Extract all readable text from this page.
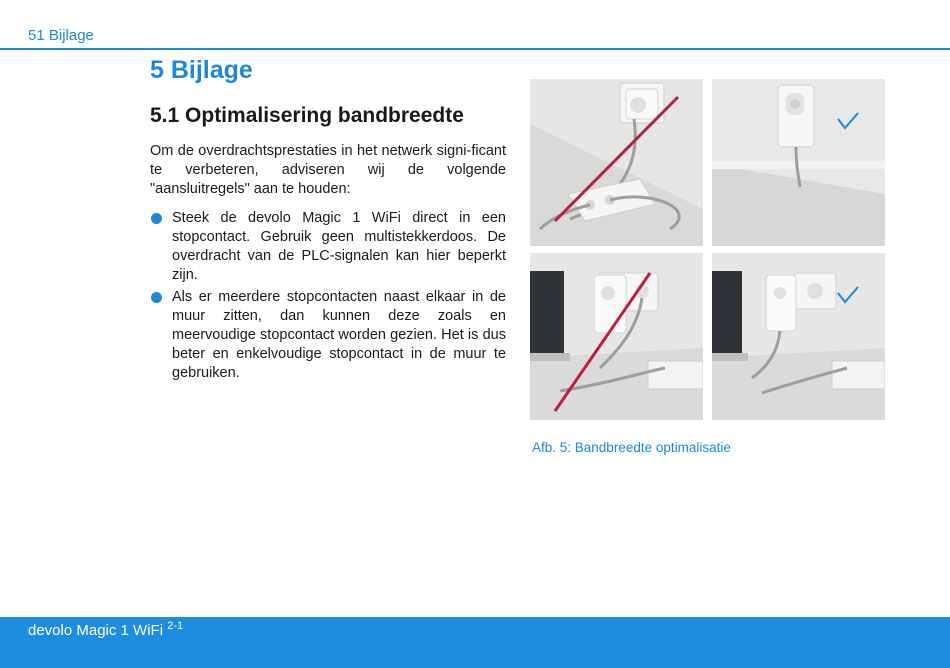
51 Bijlage
5 Bijlage
5.1 Optimalisering bandbreedte
Om de overdrachtsprestaties in het netwerk signi-ficant te verbeteren, adviseren wij de volgende "aansluitregels" aan te houden:
Steek de devolo Magic 1 WiFi direct in een stopcontact. Gebruik geen multistekkerdoos. De overdracht van de PLC-signalen kan hier beperkt zijn.
Als er meerdere stopcontacten naast elkaar in de muur zitten, dan kunnen deze zoals en meervoudige stopcontact worden gezien. Het is dus beter en enkelvoudige stopcontact in de muur te gebruiken.
Afb. 5: Bandbreedte optimalisatie
devolo Magic 1 WiFi $^{2-1}$
